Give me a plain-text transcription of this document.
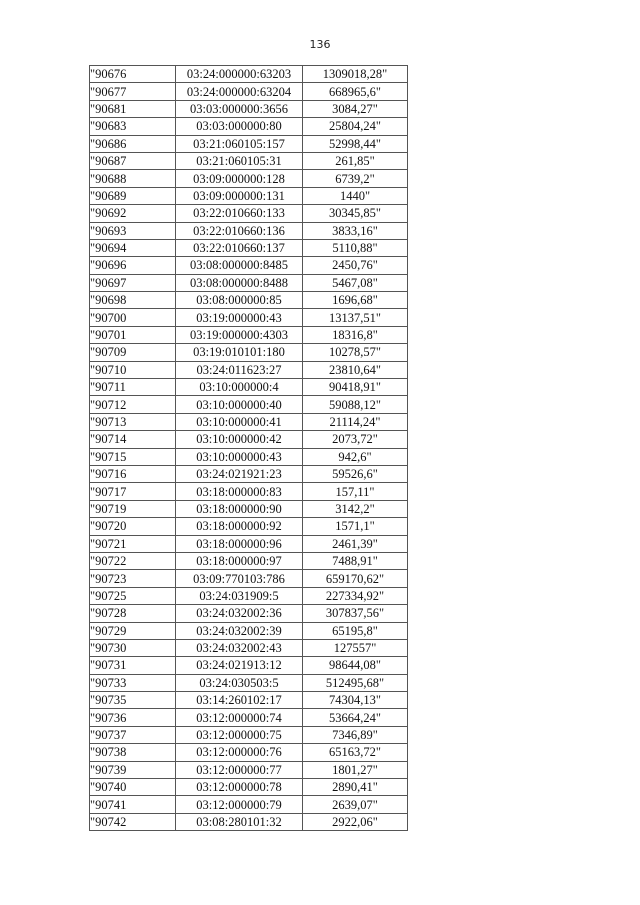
136
"90676	03:24:000000:63203	1309018,28"
"90677	03:24:000000:63204	668965,6"
"90681	03:03:000000:3656	3084,27"
"90683	03:03:000000:80	25804,24"
"90686	03:21:060105:157	52998,44"
"90687	03:21:060105:31	261,85"
"90688	03:09:000000:128	6739,2"
"90689	03:09:000000:131	1440"
"90692	03:22:010660:133	30345,85"
"90693	03:22:010660:136	3833,16"
"90694	03:22:010660:137	5110,88"
"90696	03:08:000000:8485	2450,76"
"90697	03:08:000000:8488	5467,08"
"90698	03:08:000000:85	1696,68"
"90700	03:19:000000:43	13137,51"
"90701	03:19:000000:4303	18316,8"
"90709	03:19:010101:180	10278,57"
"90710	03:24:011623:27	23810,64"
"90711	03:10:000000:4	90418,91"
"90712	03:10:000000:40	59088,12"
"90713	03:10:000000:41	21114,24"
"90714	03:10:000000:42	2073,72"
"90715	03:10:000000:43	942,6"
"90716	03:24:021921:23	59526,6"
"90717	03:18:000000:83	157,11"
"90719	03:18:000000:90	3142,2"
"90720	03:18:000000:92	1571,1"
"90721	03:18:000000:96	2461,39"
"90722	03:18:000000:97	7488,91"
"90723	03:09:770103:786	659170,62"
"90725	03:24:031909:5	227334,92"
"90728	03:24:032002:36	307837,56"
"90729	03:24:032002:39	65195,8"
"90730	03:24:032002:43	127557"
"90731	03:24:021913:12	98644,08"
"90733	03:24:030503:5	512495,68"
"90735	03:14:260102:17	74304,13"
"90736	03:12:000000:74	53664,24"
"90737	03:12:000000:75	7346,89"
"90738	03:12:000000:76	65163,72"
"90739	03:12:000000:77	1801,27"
"90740	03:12:000000:78	2890,41"
"90741	03:12:000000:79	2639,07"
"90742	03:08:280101:32	2922,06"
